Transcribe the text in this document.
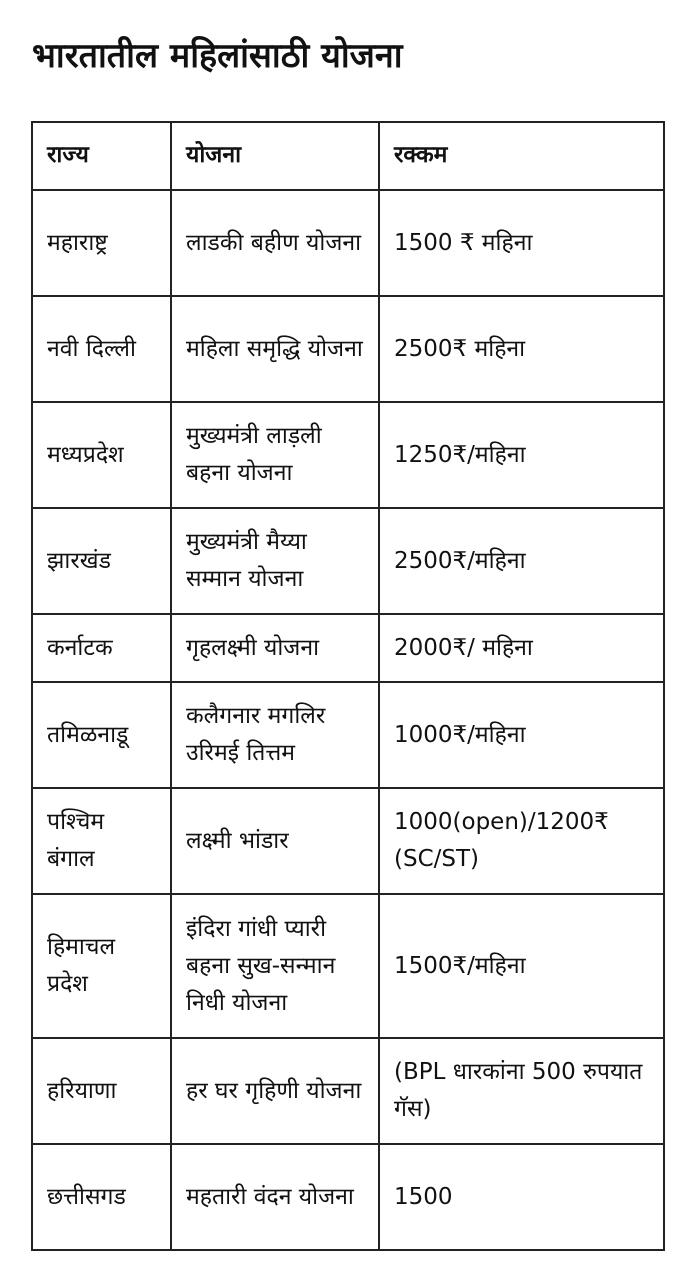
भारतातील महिलांसाठी योजना
राज्य	योजना	रक्कम
महाराष्ट्र	लाडकी बहीण योजना	1500 ₹ महिना
नवी दिल्ली	महिला समृद्धि योजना	2500₹ महिना
मध्यप्रदेश	मुख्यमंत्री लाड़ली बहना योजना	1250₹/महिना
झारखंड	मुख्यमंत्री मैय्या सम्मान योजना	2500₹/महिना
कर्नाटक	गृहलक्ष्मी योजना	2000₹/ महिना
तमिळनाडू	कलैगनार मगलिर उरिमई तित्तम	1000₹/महिना
पश्चिम बंगाल	लक्ष्मी भांडार	1000(open)/1200₹ (SC/ST)
हिमाचल प्रदेश	इंदिरा गांधी प्यारी बहना सुख-सन्मान निधी योजना	1500₹/महिना
हरियाणा	हर घर गृहिणी योजना	(BPL धारकांना 500 रुपयात गॅस)
छत्तीसगड	महतारी वंदन योजना	1500
